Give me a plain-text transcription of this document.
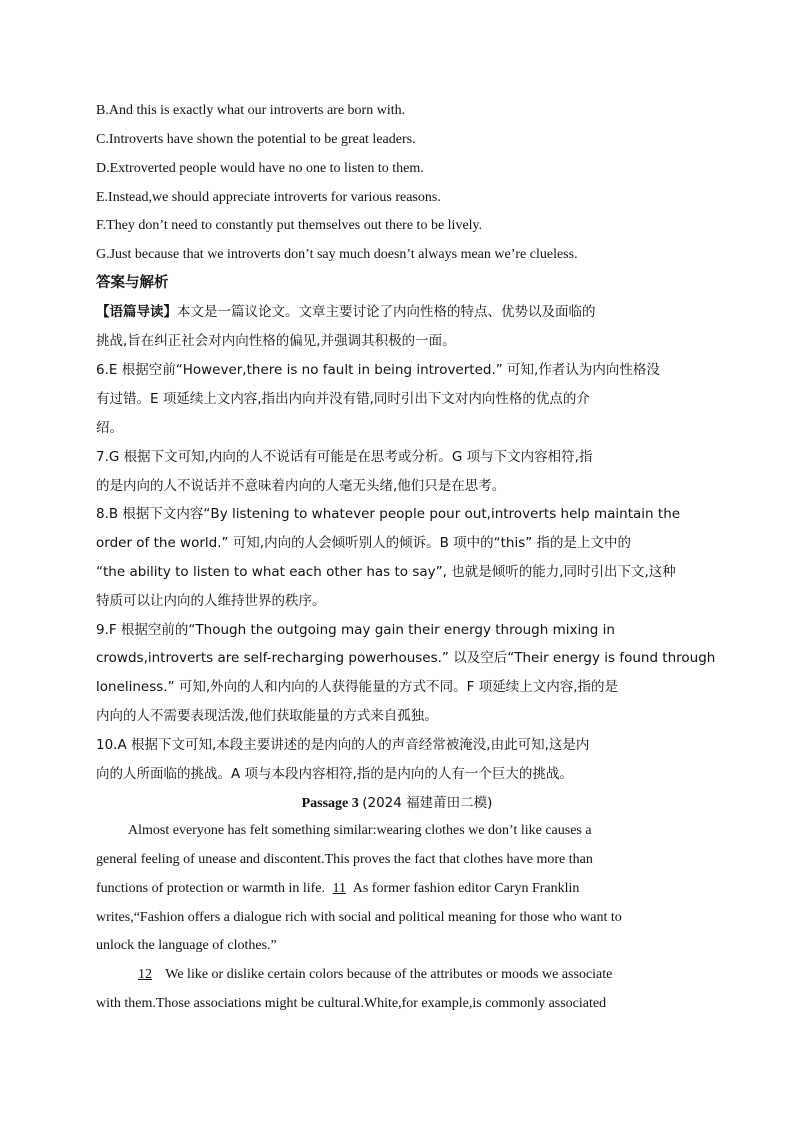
B.And this is exactly what our introverts are born with.
C.Introverts have shown the potential to be great leaders.
D.Extroverted people would have no one to listen to them.
E.Instead,we should appreciate introverts for various reasons.
F.They don’t need to constantly put themselves out there to be lively.
G.Just because that we introverts don’t say much doesn’t always mean we’re clueless.
答案与解析
【语篇导读】本文是一篇议论文。文章主要讨论了内向性格的特点、优势以及面临的
挑战,旨在纠正社会对内向性格的偏见,并强调其积极的一面。
6.E 根据空前“However,there is no fault in being introverted.” 可知,作者认为内向性格没
有过错。E 项延续上文内容,指出内向并没有错,同时引出下文对内向性格的优点的介
绍。
7.G 根据下文可知,内向的人不说话有可能是在思考或分析。G 项与下文内容相符,指
的是内向的人不说话并不意味着内向的人毫无头绪,他们只是在思考。
8.B 根据下文内容“By listening to whatever people pour out,introverts help maintain the
order of the world.” 可知,内向的人会倾听别人的倾诉。B 项中的“this” 指的是上文中的
“the ability to listen to what each other has to say”, 也就是倾听的能力,同时引出下文,这种
特质可以让内向的人维持世界的秩序。
9.F 根据空前的“Though the outgoing may gain their energy through mixing in
crowds,introverts are self-recharging powerhouses.” 以及空后“Their energy is found through
loneliness.” 可知,外向的人和内向的人获得能量的方式不同。F 项延续上文内容,指的是
内向的人不需要表现活泼,他们获取能量的方式来自孤独。
10.A 根据下文可知,本段主要讲述的是内向的人的声音经常被淹没,由此可知,这是内
向的人所面临的挑战。A 项与本段内容相符,指的是内向的人有一个巨大的挑战。
Passage 3 (2024 福建莆田二模)
Almost everyone has felt something similar:wearing clothes we don’t like causes a
general feeling of unease and discontent.This proves the fact that clothes have more than
functions of protection or warmth in life. 11 As former fashion editor Caryn Franklin
writes,“Fashion offers a dialogue rich with social and political meaning for those who want to
unlock the language of clothes.”
12 We like or dislike certain colors because of the attributes or moods we associate
with them.Those associations might be cultural.White,for example,is commonly associated
